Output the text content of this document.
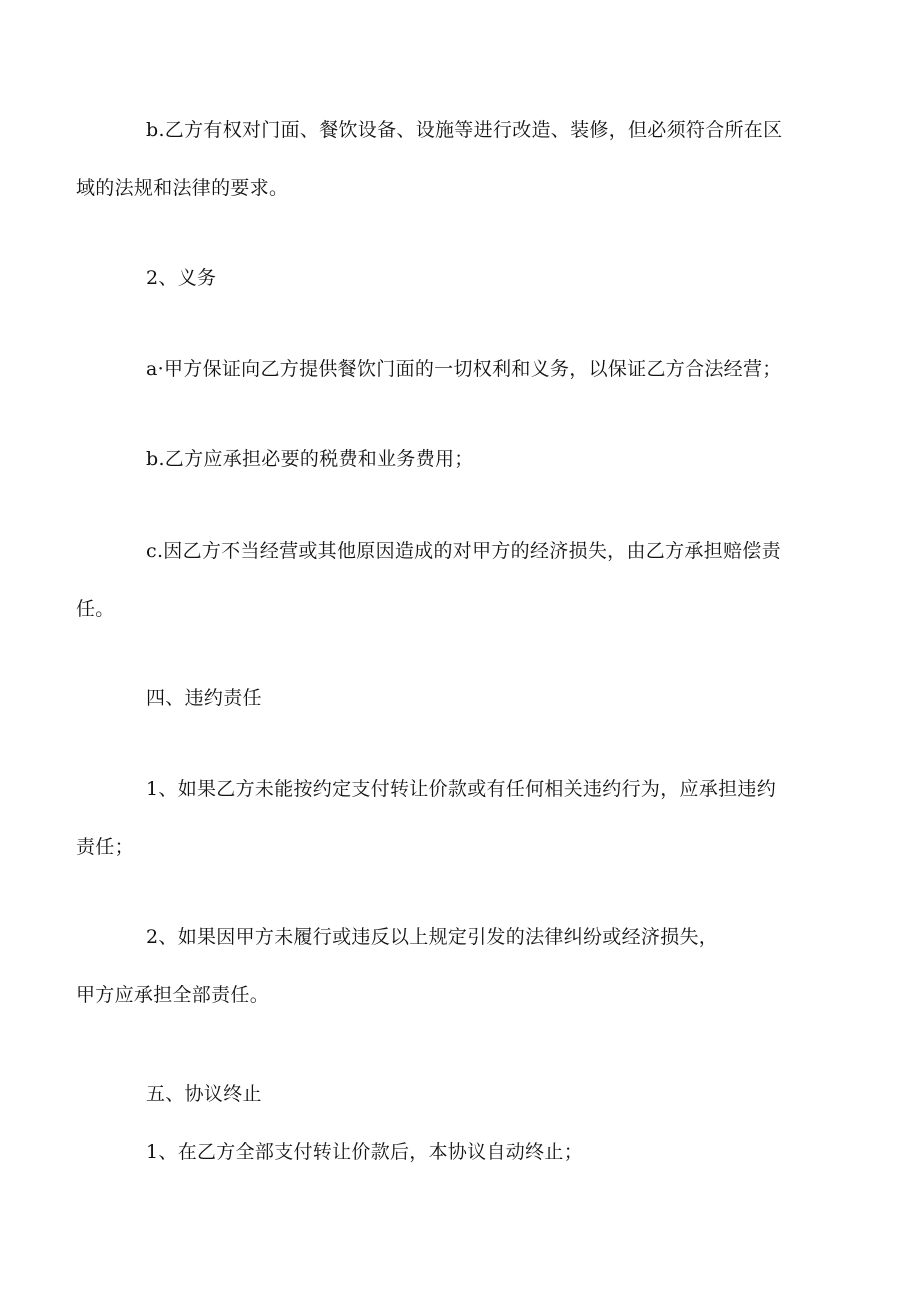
b.乙方有权对门面、餐饮设备、设施等进行改造、装修，但必须符合所在区
域的法规和法律的要求。
2、义务
a·甲方保证向乙方提供餐饮门面的一切权利和义务，以保证乙方合法经营；
b.乙方应承担必要的税费和业务费用；
c.因乙方不当经营或其他原因造成的对甲方的经济损失，由乙方承担赔偿责
任。
四、违约责任
1、如果乙方未能按约定支付转让价款或有任何相关违约行为，应承担违约
责任；
2、如果因甲方未履行或违反以上规定引发的法律纠纷或经济损失，
甲方应承担全部责任。
五、协议终止
1、在乙方全部支付转让价款后，本协议自动终止；
